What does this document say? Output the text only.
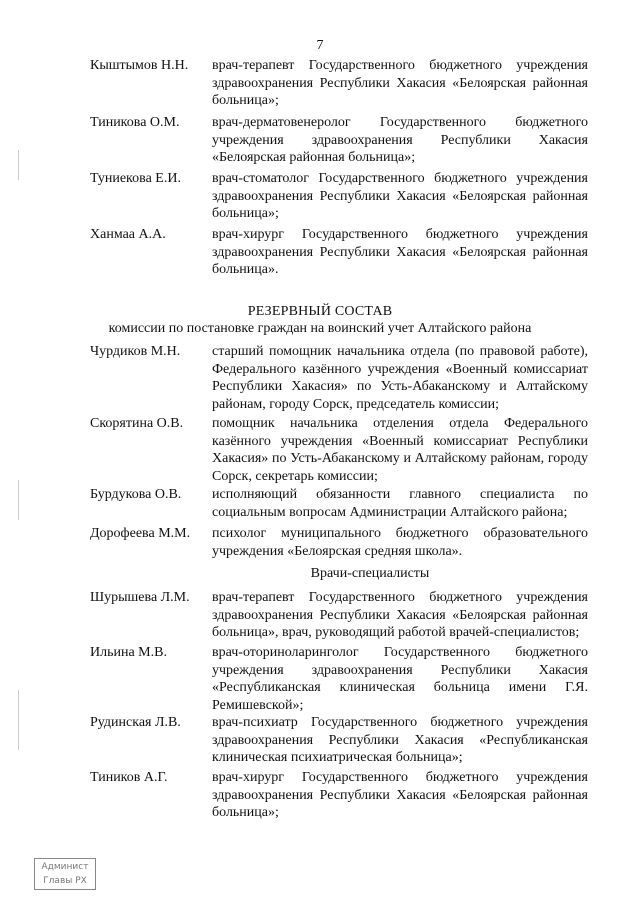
7
Кыштымов Н.Н. врач-терапевт Государственного бюджетного учреждения здравоохранения Республики Хакасия «Белоярская районная больница»;
Тиникова О.М. врач-дерматовенеролог Государственного бюджетного учреждения здравоохранения Республики Хакасия «Белоярская районная больница»;
Туниекова Е.И. врач-стоматолог Государственного бюджетного учреждения здравоохранения Республики Хакасия «Белоярская районная больница»;
Ханмаа А.А.	врач-хирург Государственного бюджетного учреждения здравоохранения Республики Хакасия «Белоярская районная больница».
РЕЗЕРВНЫЙ СОСТАВ
комиссии по постановке граждан на воинский учет Алтайского района
Чурдиков М.Н. старший помощник начальника отдела (по правовой работе), Федерального казённого учреждения «Военный комиссариат Республики Хакасия» по Усть-Абаканскому и Алтайскому районам, городу Сорск, председатель комиссии;
Скорятина О.В. помощник начальника отделения отдела Федерального казённого учреждения «Военный комиссариат Республики Хакасия» по Усть-Абаканскому и Алтайскому районам, городу Сорск, секретарь комиссии;
Бурдукова О.В. исполняющий обязанности главного специалиста по социальным вопросам Администрации Алтайского района;
Дорофеева М.М. психолог муниципального бюджетного образовательного учреждения «Белоярская средняя школа».
Врачи-специалисты
Шурышева Л.М. врач-терапевт Государственного бюджетного учреждения здравоохранения Республики Хакасия «Белоярская районная больница», врач, руководящий работой врачей-специалистов;
Ильина М.В.	врач-оториноларинголог Государственного бюджетного учреждения здравоохранения Республики Хакасия «Республиканская клиническая больница имени Г.Я. Ремишевской»;
Рудинская Л.В. врач-психиатр Государственного бюджетного учреждения здравоохранения Республики Хакасия «Республиканская клиническая психиатрическая больница»;
Тиников А.Г.	врач-хирург Государственного бюджетного учреждения здравоохранения Республики Хакасия «Белоярская районная больница»;
Админист
Главы РХ
